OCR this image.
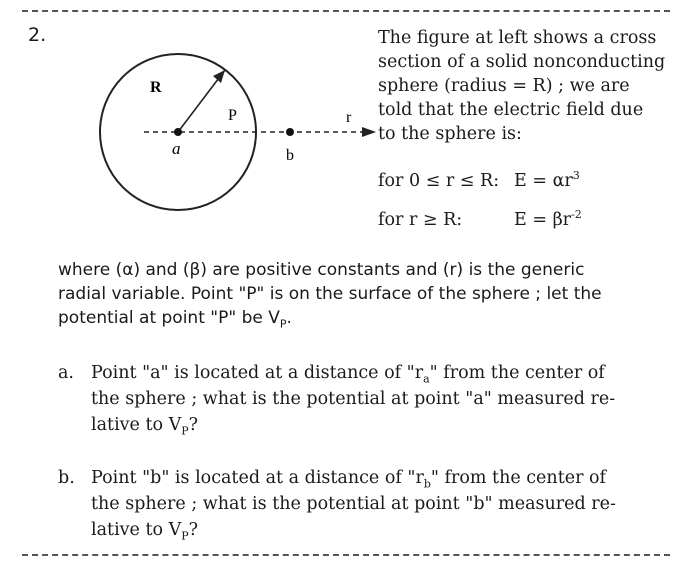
2.
R
P	r
a	b
The figure at left shows a cross
section of a solid nonconducting
sphere (radius = R) ; we are
told that the electric field due
to the sphere is:
for 0 ≤ r ≤ R: $E = \alpha r^3$
for r ≥ R:	$E = \beta r^{-2}$
where (α) and (β) are positive constants and (r) is the generic
radial variable. Point "P" is on the surface of the sphere ; let the
potential at point "P" be $V_P$.
a. Point "a" is located at a distance of "$r_a$" from the center of
the sphere ; what is the potential at point "a" measured re-
lative to $V_P$?
b. Point "b" is located at a distance of "$r_b$" from the center of
the sphere ; what is the potential at point "b" measured re-
lative to $V_P$?
